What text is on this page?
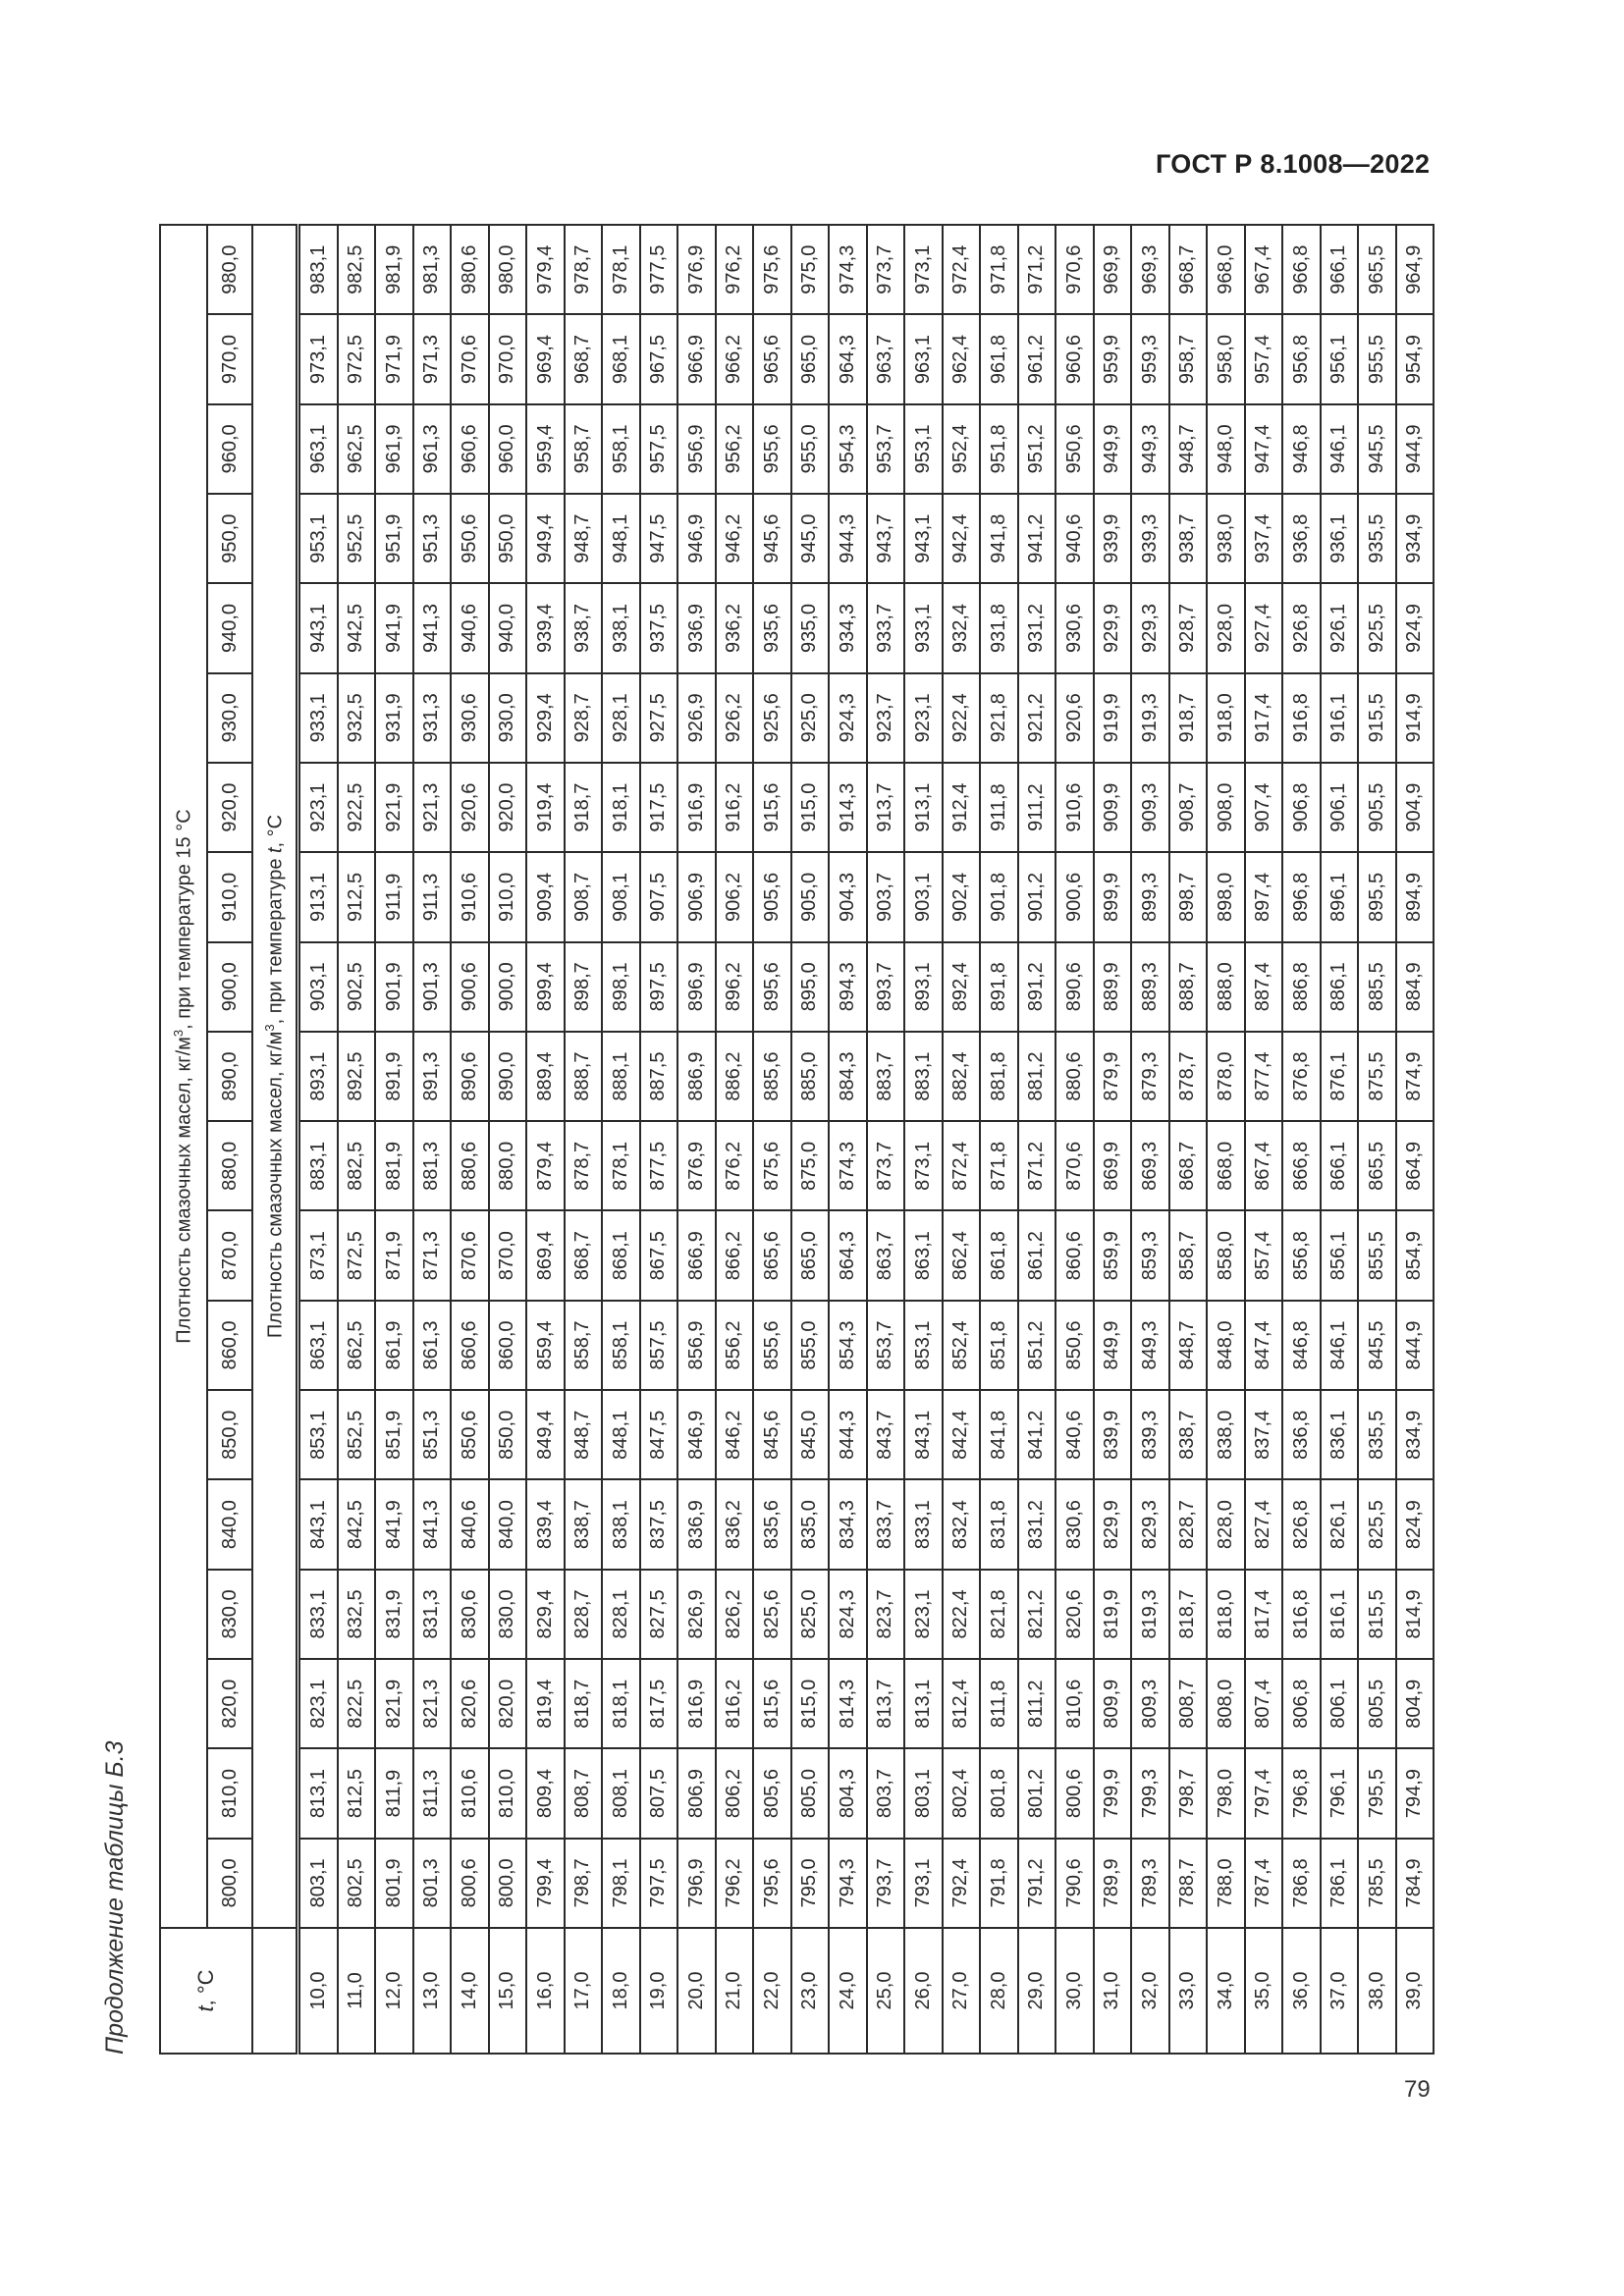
ГОСТ Р 8.1008—2022
Продолжение таблицы Б.3	t, °C	Плотность смазочных масел, $кг/м^3$, при температуре 15 °С																		
	800,0	810,0	820,0	830,0	840,0	850,0	860,0	870,0	880,0	890,0	900,0	910,0	920,0	930,0	940,0	950,0	960,0	970,0	980,0
	Плотность смазочных масел, $кг/м^3$, при температуре t, °С																		
10,0	803,1	813,1	823,1	833,1	843,1	853,1	863,1	873,1	883,1	893,1	903,1	913,1	923,1	933,1	943,1	953,1	963,1	973,1	983,1
11,0	802,5	812,5	822,5	832,5	842,5	852,5	862,5	872,5	882,5	892,5	902,5	912,5	922,5	932,5	942,5	952,5	962,5	972,5	982,5
12,0	801,9	811,9	821,9	831,9	841,9	851,9	861,9	871,9	881,9	891,9	901,9	911,9	921,9	931,9	941,9	951,9	961,9	971,9	981,9
13,0	801,3	811,3	821,3	831,3	841,3	851,3	861,3	871,3	881,3	891,3	901,3	911,3	921,3	931,3	941,3	951,3	961,3	971,3	981,3
14,0	800,6	810,6	820,6	830,6	840,6	850,6	860,6	870,6	880,6	890,6	900,6	910,6	920,6	930,6	940,6	950,6	960,6	970,6	980,6
15,0	800,0	810,0	820,0	830,0	840,0	850,0	860,0	870,0	880,0	890,0	900,0	910,0	920,0	930,0	940,0	950,0	960,0	970,0	980,0
16,0	799,4	809,4	819,4	829,4	839,4	849,4	859,4	869,4	879,4	889,4	899,4	909,4	919,4	929,4	939,4	949,4	959,4	969,4	979,4
17,0	798,7	808,7	818,7	828,7	838,7	848,7	858,7	868,7	878,7	888,7	898,7	908,7	918,7	928,7	938,7	948,7	958,7	968,7	978,7
18,0	798,1	808,1	818,1	828,1	838,1	848,1	858,1	868,1	878,1	888,1	898,1	908,1	918,1	928,1	938,1	948,1	958,1	968,1	978,1
19,0	797,5	807,5	817,5	827,5	837,5	847,5	857,5	867,5	877,5	887,5	897,5	907,5	917,5	927,5	937,5	947,5	957,5	967,5	977,5
20,0	796,9	806,9	816,9	826,9	836,9	846,9	856,9	866,9	876,9	886,9	896,9	906,9	916,9	926,9	936,9	946,9	956,9	966,9	976,9
21,0	796,2	806,2	816,2	826,2	836,2	846,2	856,2	866,2	876,2	886,2	896,2	906,2	916,2	926,2	936,2	946,2	956,2	966,2	976,2
22,0	795,6	805,6	815,6	825,6	835,6	845,6	855,6	865,6	875,6	885,6	895,6	905,6	915,6	925,6	935,6	945,6	955,6	965,6	975,6
23,0	795,0	805,0	815,0	825,0	835,0	845,0	855,0	865,0	875,0	885,0	895,0	905,0	915,0	925,0	935,0	945,0	955,0	965,0	975,0
24,0	794,3	804,3	814,3	824,3	834,3	844,3	854,3	864,3	874,3	884,3	894,3	904,3	914,3	924,3	934,3	944,3	954,3	964,3	974,3
25,0	793,7	803,7	813,7	823,7	833,7	843,7	853,7	863,7	873,7	883,7	893,7	903,7	913,7	923,7	933,7	943,7	953,7	963,7	973,7
26,0	793,1	803,1	813,1	823,1	833,1	843,1	853,1	863,1	873,1	883,1	893,1	903,1	913,1	923,1	933,1	943,1	953,1	963,1	973,1
27,0	792,4	802,4	812,4	822,4	832,4	842,4	852,4	862,4	872,4	882,4	892,4	902,4	912,4	922,4	932,4	942,4	952,4	962,4	972,4
28,0	791,8	801,8	811,8	821,8	831,8	841,8	851,8	861,8	871,8	881,8	891,8	901,8	911,8	921,8	931,8	941,8	951,8	961,8	971,8
29,0	791,2	801,2	811,2	821,2	831,2	841,2	851,2	861,2	871,2	881,2	891,2	901,2	911,2	921,2	931,2	941,2	951,2	961,2	971,2
30,0	790,6	800,6	810,6	820,6	830,6	840,6	850,6	860,6	870,6	880,6	890,6	900,6	910,6	920,6	930,6	940,6	950,6	960,6	970,6
31,0	789,9	799,9	809,9	819,9	829,9	839,9	849,9	859,9	869,9	879,9	889,9	899,9	909,9	919,9	929,9	939,9	949,9	959,9	969,9
32,0	789,3	799,3	809,3	819,3	829,3	839,3	849,3	859,3	869,3	879,3	889,3	899,3	909,3	919,3	929,3	939,3	949,3	959,3	969,3
33,0	788,7	798,7	808,7	818,7	828,7	838,7	848,7	858,7	868,7	878,7	888,7	898,7	908,7	918,7	928,7	938,7	948,7	958,7	968,7
34,0	788,0	798,0	808,0	818,0	828,0	838,0	848,0	858,0	868,0	878,0	888,0	898,0	908,0	918,0	928,0	938,0	948,0	958,0	968,0
35,0	787,4	797,4	807,4	817,4	827,4	837,4	847,4	857,4	867,4	877,4	887,4	897,4	907,4	917,4	927,4	937,4	947,4	957,4	967,4
36,0	786,8	796,8	806,8	816,8	826,8	836,8	846,8	856,8	866,8	876,8	886,8	896,8	906,8	916,8	926,8	936,8	946,8	956,8	966,8
37,0	786,1	796,1	806,1	816,1	826,1	836,1	846,1	856,1	866,1	876,1	886,1	896,1	906,1	916,1	926,1	936,1	946,1	956,1	966,1
38,0	785,5	795,5	805,5	815,5	825,5	835,5	845,5	855,5	865,5	875,5	885,5	895,5	905,5	915,5	925,5	935,5	945,5	955,5	965,5
39,0	784,9	794,9	804,9	814,9	824,9	834,9	844,9	854,9	864,9	874,9	884,9	894,9	904,9	914,9	924,9	934,9	944,9	954,9	964,9
79
